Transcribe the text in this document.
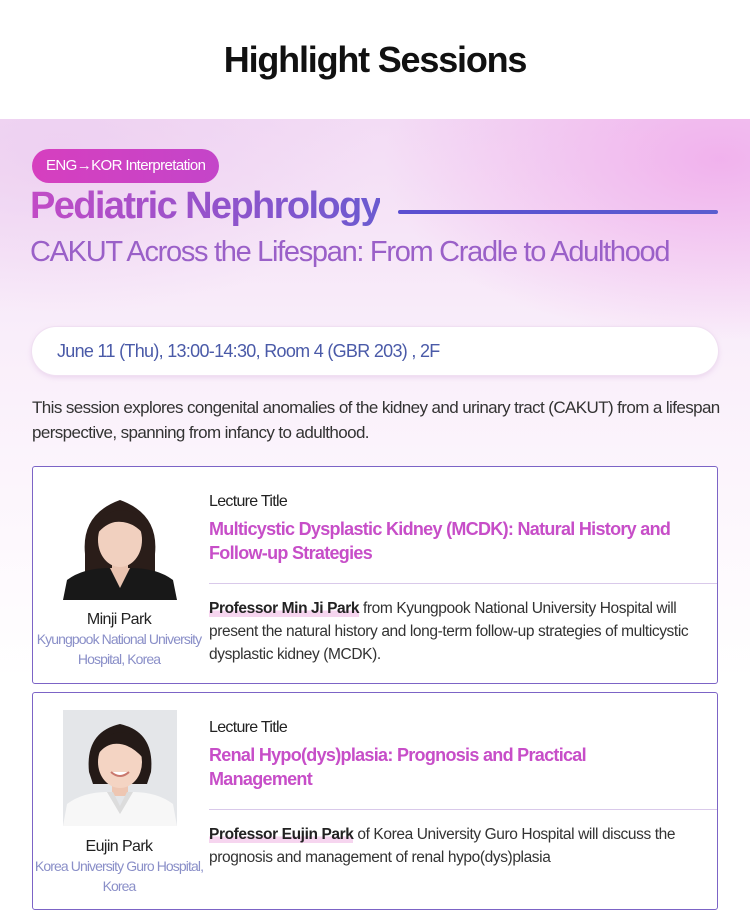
Highlight Sessions
ENG→KOR Interpretation
Pediatric Nephrology
CAKUT Across the Lifespan: From Cradle to Adulthood
June 11 (Thu), 13:00-14:30, Room 4 (GBR 203) , 2F

This session explores congenital anomalies of the kidney and urinary tract (CAKUT) from a lifespan perspective, spanning from infancy to adulthood.

Minji Park
Kyungpook National University Hospital, Korea
Lecture Title
Multicystic Dysplastic Kidney (MCDK): Natural History and Follow-up Strategies

Professor Min Ji Park from Kyungpook National University Hospital will present the natural history and long-term follow-up strategies of multicystic dysplastic kidney (MCDK).

Eujin Park
Korea University Guro Hospital, Korea
Lecture Title
Renal Hypo(dys)plasia: Prognosis and Practical Management

Professor Eujin Park of Korea University Guro Hospital will discuss the prognosis and management of renal hypo(dys)plasia
